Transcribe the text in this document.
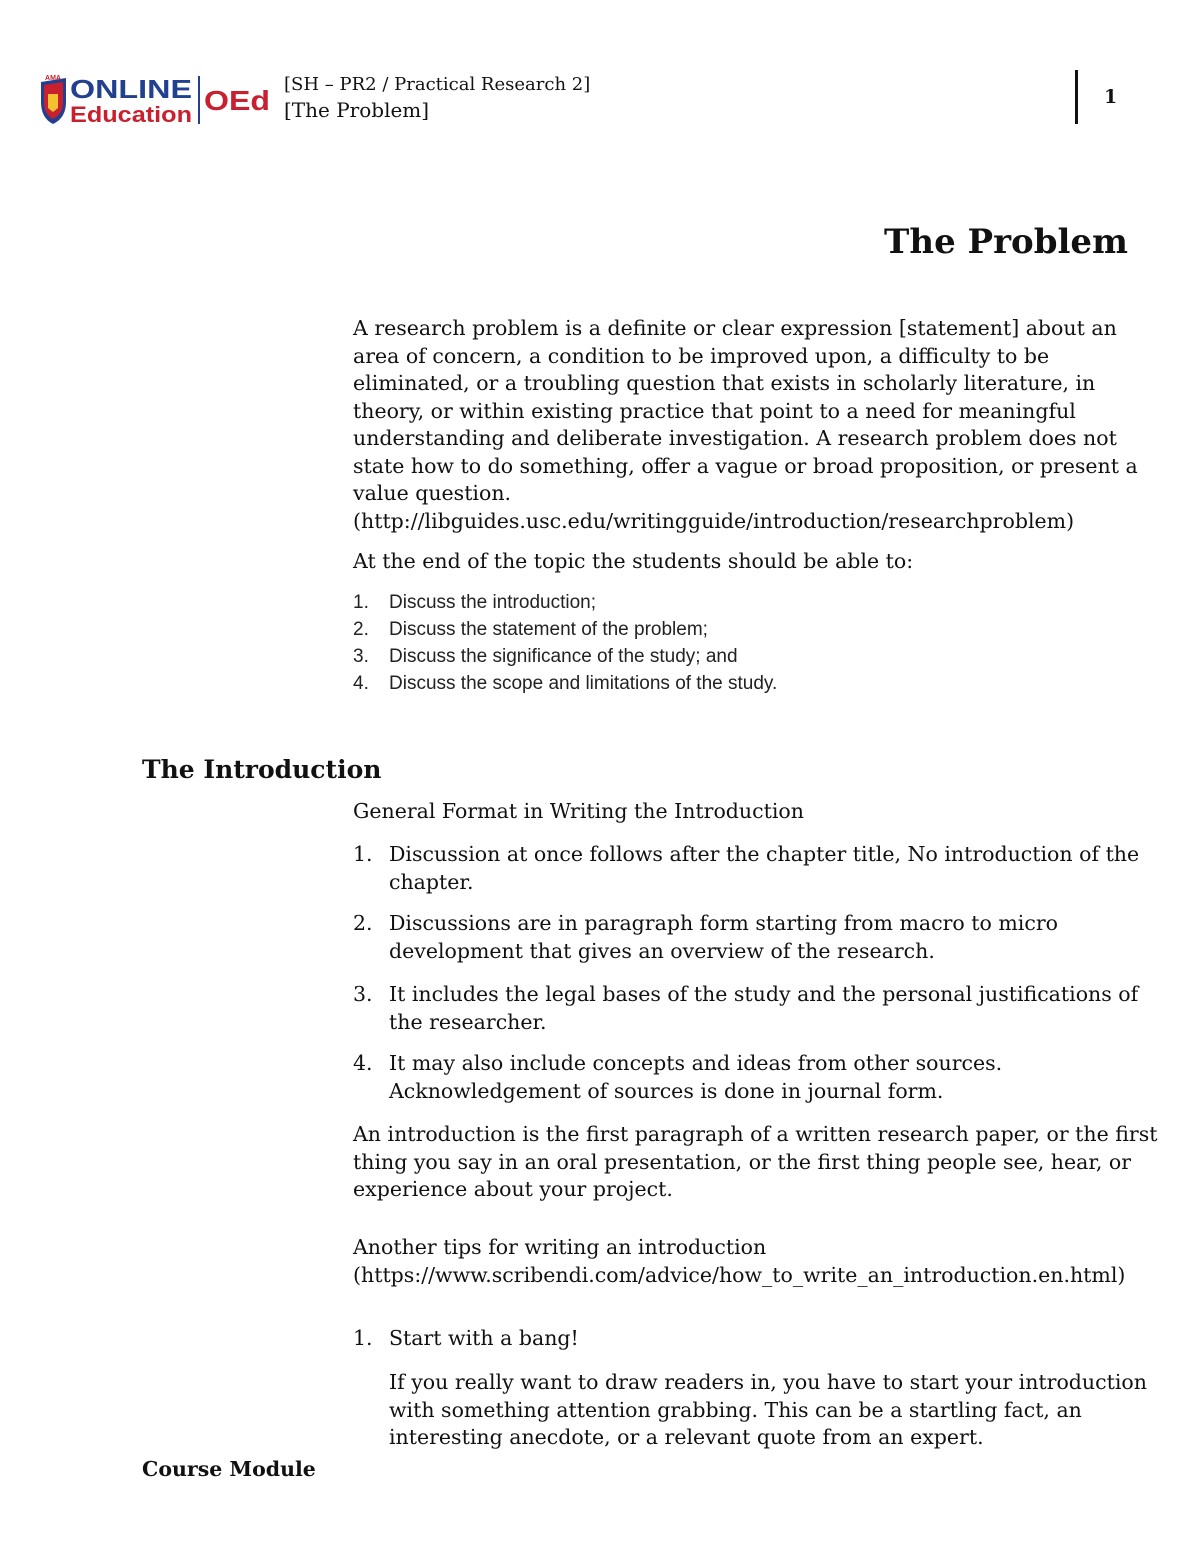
AMA ONLINE
Education OEd
[SH – PR2 / Practical Research 2]
[The Problem]
1
The Problem
A research problem is a definite or clear expression [statement] about an
area of concern, a condition to be improved upon, a difficulty to be
eliminated, or a troubling question that exists in scholarly literature, in
theory, or within existing practice that point to a need for meaningful
understanding and deliberate investigation. A research problem does not
state how to do something, offer a vague or broad proposition, or present a
value question.
(http://libguides.usc.edu/writingguide/introduction/researchproblem)
At the end of the topic the students should be able to:
1. Discuss the introduction;
2. Discuss the statement of the problem;
3. Discuss the significance of the study; and
4. Discuss the scope and limitations of the study.
The Introduction
General Format in Writing the Introduction
1. Discussion at once follows after the chapter title, No introduction of the
chapter.
2. Discussions are in paragraph form starting from macro to micro
development that gives an overview of the research.
3. It includes the legal bases of the study and the personal justifications of
the researcher.
4. It may also include concepts and ideas from other sources.
Acknowledgement of sources is done in journal form.
An introduction is the first paragraph of a written research paper, or the first
thing you say in an oral presentation, or the first thing people see, hear, or
experience about your project.
Another tips for writing an introduction
(https://www.scribendi.com/advice/how_to_write_an_introduction.en.html)
1. Start with a bang!
If you really want to draw readers in, you have to start your introduction
with something attention grabbing. This can be a startling fact, an
interesting anecdote, or a relevant quote from an expert.
Course Module
